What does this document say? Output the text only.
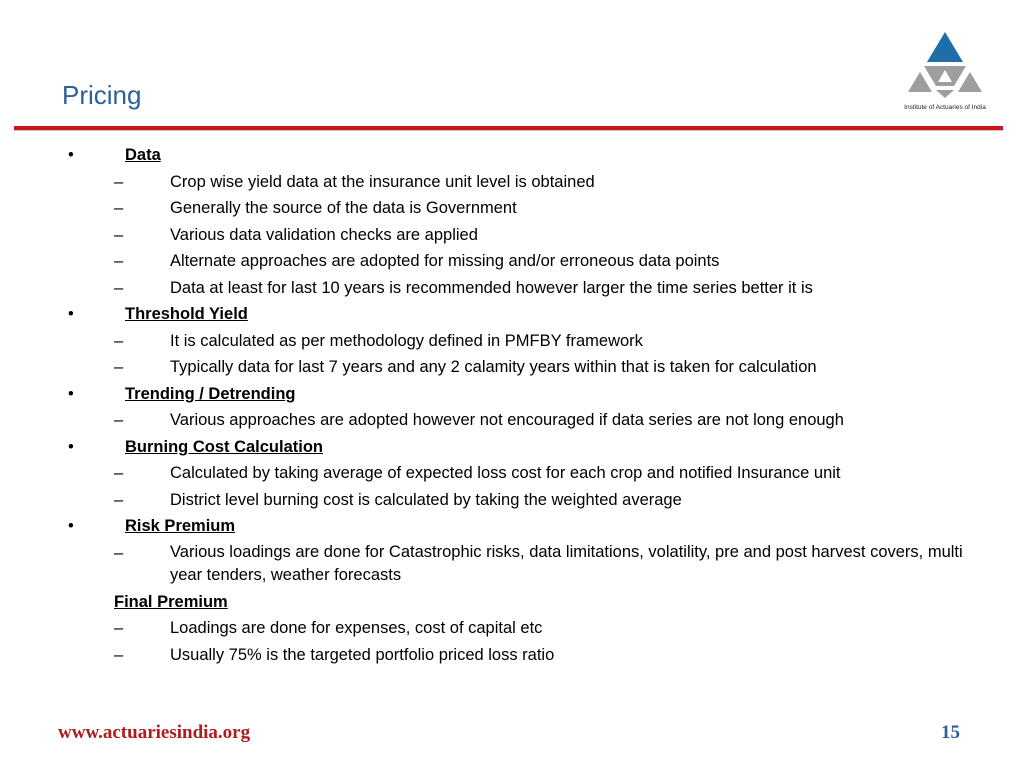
Pricing	Institute of Actuaries of India
•	Data
–	Crop wise yield data at the insurance unit level is obtained
–	Generally the source of the data is Government
–	Various data validation checks are applied
–	Alternate approaches are adopted for missing and/or erroneous data points
–	Data at least for last 10 years is recommended however larger the time series better it is
•	Threshold Yield
–	It is calculated as per methodology defined in PMFBY framework
–	Typically data for last 7 years and any 2 calamity years within that is taken for calculation
•	Trending / Detrending
–	Various approaches are adopted however not encouraged if data series are not long enough
•	Burning Cost Calculation
–	Calculated by taking average of expected loss cost for each crop and notified Insurance unit
–	District level burning cost is calculated by taking the weighted average
•	Risk Premium
–	Various loadings are done for Catastrophic risks, data limitations, volatility, pre and post harvest covers, multi year tenders, weather forecasts
Final Premium
–	Loadings are done for expenses, cost of capital etc
–	Usually 75% is the targeted portfolio priced loss ratio
www.actuariesindia.org	15
